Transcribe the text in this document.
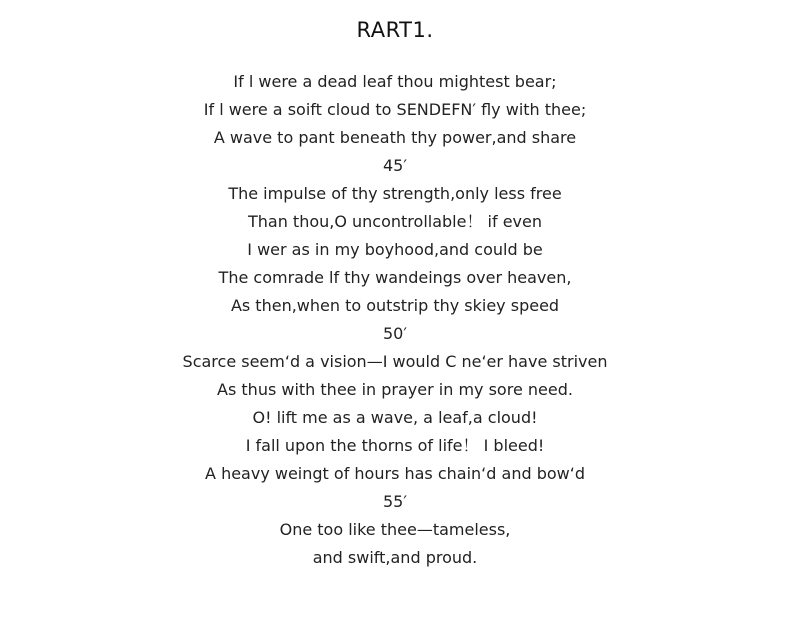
RART1.
If l were a dead leaf thou mightest bear;
If l were a soift cloud to SENDEFN′ fly with thee;
A wave to pant beneath thy power,and share
45′
The impulse of thy strength,only less free
Than thou,O uncontrollable！ if even
I wer as in my boyhood,and could be
The comrade lf thy wandeings over heaven,
As then,when to outstrip thy skiey speed
50′
Scarce seem‘d a vision—I would C ne‘er have striven
As thus with thee in prayer in my sore need.
O! lift me as a wave, a leaf,a cloud!
I fall upon the thorns of life！ I bleed!
A heavy weingt of hours has chain‘d and bow‘d
55′
One too like thee—tameless,
and swift,and proud.
